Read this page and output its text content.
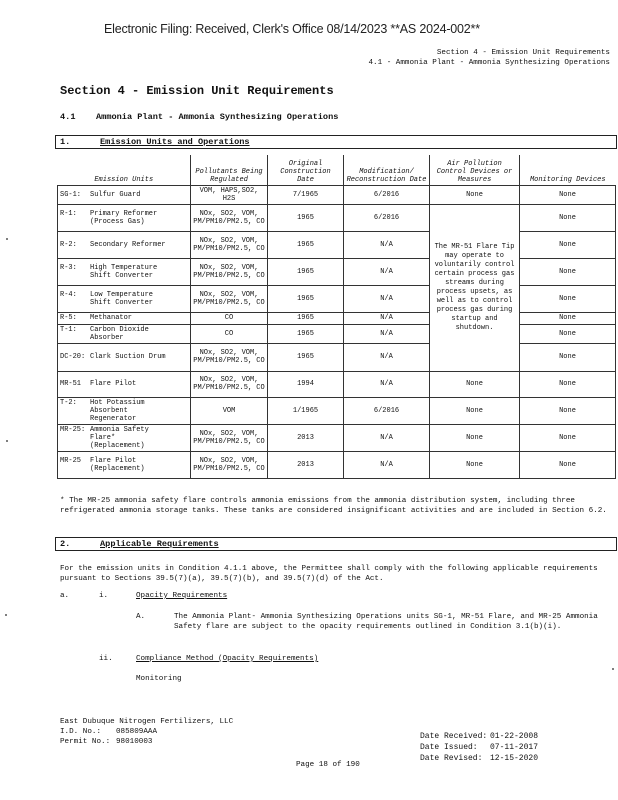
Electronic Filing: Received, Clerk's Office 08/14/2023 **AS 2024-002**
Section 4 - Emission Unit Requirements
4.1 - Ammonia Plant - Ammonia Synthesizing Operations
Section 4 - Emission Unit Requirements
4.1 Ammonia Plant - Ammonia Synthesizing Operations
1.	Emission Units and Operations
Emission Units	Pollutants Being Regulated	Original Construction Date	Modification/ Reconstruction Date	Air Pollution Control Devices or Measures	Monitoring Devices
SG-1: Sulfur Guard	VOM, HAPS,SO2, H2S	7/1965	6/2016	None	None
R-1: Primary Reformer (Process Gas)	NOx, SO2, VOM, PM/PM10/PM2.5, CO	1965	6/2016	The MR-51 Flare Tip may operate to voluntarily control certain process gas streams during process upsets, as well as to control process gas during startup and shutdown.	None
R-2: Secondary Reformer	NOx, SO2, VOM, PM/PM10/PM2.5, CO	1965	N/A		None
R-3: High Temperature Shift Converter	NOx, SO2, VOM, PM/PM10/PM2.5, CO	1965	N/A		None
R-4: Low Temperature Shift Converter	NOx, SO2, VOM, PM/PM10/PM2.5, CO	1965	N/A		None
R-5: Methanator	CO	1965	N/A		None
T-1: Carbon Dioxide Absorber	CO	1965	N/A		None
DC-20: Clark Suction Drum	NOx, SO2, VOM, PM/PM10/PM2.5, CO	1965	N/A		None
MR-51 Flare Pilot	NOx, SO2, VOM, PM/PM10/PM2.5, CO	1994	N/A	None	None
T-2: Hot Potassium Absorbent Regenerator	VOM	1/1965	6/2016	None	None
MR-25: Ammonia Safety Flare* (Replacement)	NOx, SO2, VOM, PM/PM10/PM2.5, CO	2013	N/A	None	None
MR-25 Flare Pilot (Replacement)	NOx, SO2, VOM, PM/PM10/PM2.5, CO	2013	N/A	None	None
* The MR-25 ammonia safety flare controls ammonia emissions from the ammonia distribution system, including three refrigerated ammonia storage tanks. These tanks are considered insignificant activities and are included in Section 6.2.
2.	Applicable Requirements
For the emission units in Condition 4.1.1 above, the Permittee shall comply with the following applicable requirements pursuant to Sections 39.5(7)(a), 39.5(7)(b), and 39.5(7)(d) of the Act.
a.	i.	Opacity Requirements
A.	The Ammonia Plant- Ammonia Synthesizing Operations units SG-1, MR-51 Flare, and MR-25 Ammonia Safety flare are subject to the opacity requirements outlined in Condition 3.1(b)(i).
ii.	Compliance Method (Opacity Requirements)
Monitoring
East Dubuque Nitrogen Fertilizers, LLC
I.D. No.: 085809AAA
Permit No.: 98010003
Date Received: 01-22-2008
Date Issued: 07-11-2017
Date Revised: 12-15-2020
Page 18 of 190
